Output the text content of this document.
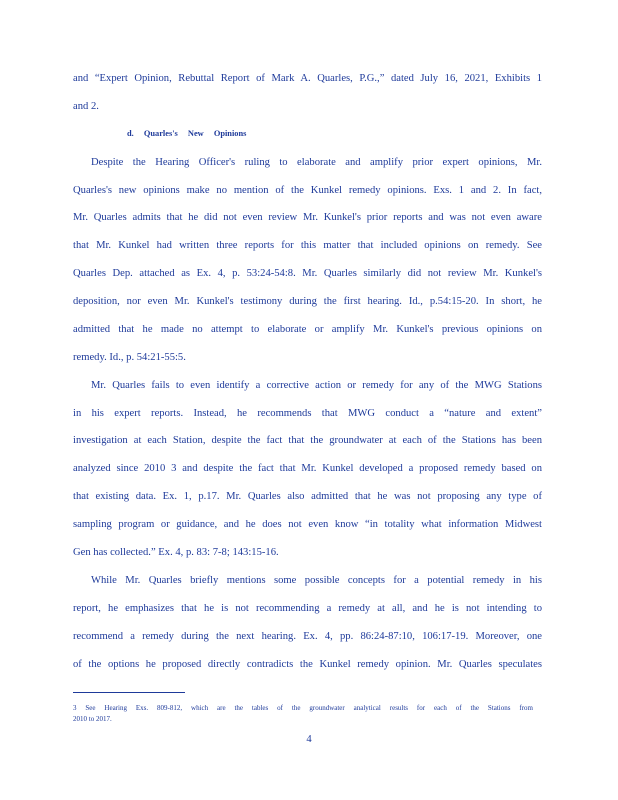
and “Expert Opinion, Rebuttal Report of Mark A. Quarles, P.G.,” dated July 16, 2021, Exhibits 1
and 2.
d. Quarles's New Opinions
Despite the Hearing Officer's ruling to elaborate and amplify prior expert opinions, Mr.
Quarles's new opinions make no mention of the Kunkel remedy opinions. Exs. 1 and 2. In fact,
Mr. Quarles admits that he did not even review Mr. Kunkel's prior reports and was not even aware
that Mr. Kunkel had written three reports for this matter that included opinions on remedy. See
Quarles Dep. attached as Ex. 4, p. 53:24-54:8. Mr. Quarles similarly did not review Mr. Kunkel's
deposition, nor even Mr. Kunkel's testimony during the first hearing. Id., p.54:15-20. In short, he
admitted that he made no attempt to elaborate or amplify Mr. Kunkel's previous opinions on
remedy. Id., p. 54:21-55:5.
Mr. Quarles fails to even identify a corrective action or remedy for any of the MWG Stations
in his expert reports. Instead, he recommends that MWG conduct a “nature and extent”
investigation at each Station, despite the fact that the groundwater at each of the Stations has been
analyzed since 2010 3 and despite the fact that Mr. Kunkel developed a proposed remedy based on
that existing data. Ex. 1, p.17. Mr. Quarles also admitted that he was not proposing any type of
sampling program or guidance, and he does not even know “in totality what information Midwest
Gen has collected.” Ex. 4, p. 83: 7-8; 143:15-16.
While Mr. Quarles briefly mentions some possible concepts for a potential remedy in his
report, he emphasizes that he is not recommending a remedy at all, and he is not intending to
recommend a remedy during the next hearing. Ex. 4, pp. 86:24-87:10, 106:17-19. Moreover, one
of the options he proposed directly contradicts the Kunkel remedy opinion. Mr. Quarles speculates
3 See Hearing Exs. 809-812, which are the tables of the groundwater analytical results for each of the Stations from
2010 to 2017.
4
